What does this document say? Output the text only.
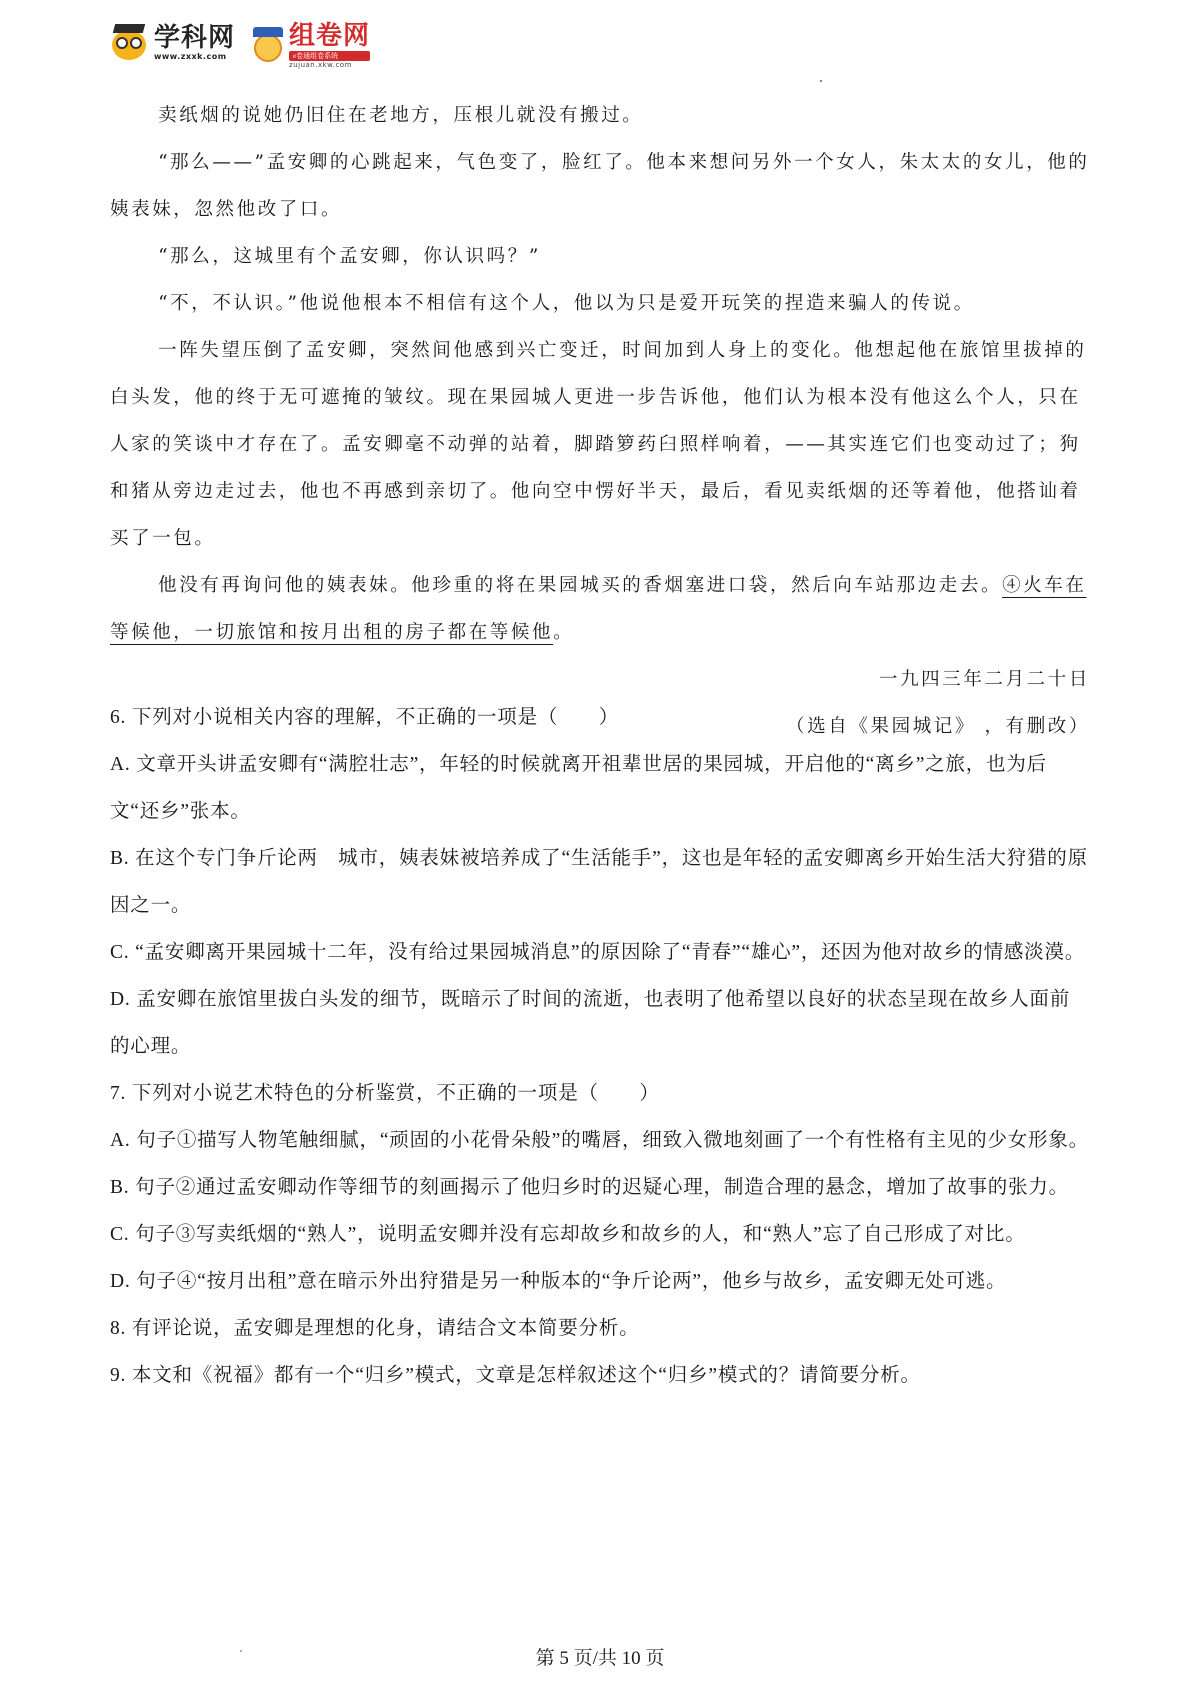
学科网
www.zxxk.com
组卷网
e卷通组卷系统
zujuan.xkw.com

卖纸烟的说她仍旧住在老地方，压根儿就没有搬过。

“那么——”孟安卿的心跳起来，气色变了，脸红了。他本来想问另外一个女人，朱太太的女儿，他的姨表妹，忽然他改了口。

“那么，这城里有个孟安卿，你认识吗？”

“不，不认识。”他说他根本不相信有这个人，他以为只是爱开玩笑的捏造来骗人的传说。

一阵失望压倒了孟安卿，突然间他感到兴亡变迁，时间加到人身上的变化。他想起他在旅馆里拔掉的白头发，他的终于无可遮掩的皱纹。现在果园城人更进一步告诉他，他们认为根本没有他这么个人，只在人家的笑谈中才存在了。孟安卿毫不动弹的站着，脚踏箩药臼照样响着，——其实连它们也变动过了；狗和猪从旁边走过去，他也不再感到亲切了。他向空中愣好半天，最后，看见卖纸烟的还等着他，他搭讪着买了一包。

他没有再询问他的姨表妹。他珍重的将在果园城买的香烟塞进口袋，然后向车站那边走去。④火车在等候他，一切旅馆和按月出租的房子都在等候他。

一九四三年二月二十日

（选自《果园城记》 ，有删改）

6. 下列对小说相关内容的理解，不正确的一项是（　　）

A. 文章开头讲孟安卿有“满腔壮志”，年轻的时候就离开祖辈世居的果园城，开启他的“离乡”之旅，也为后文“还乡”张本。

B. 在这个专门争斤论两　城市，姨表妹被培养成了“生活能手”，这也是年轻的孟安卿离乡开始生活大狩猎的原因之一。

C. “孟安卿离开果园城十二年，没有给过果园城消息”的原因除了“青春”“雄心”，还因为他对故乡的情感淡漠。

D. 孟安卿在旅馆里拔白头发的细节，既暗示了时间的流逝，也表明了他希望以良好的状态呈现在故乡人面前的心理。

7. 下列对小说艺术特色的分析鉴赏，不正确的一项是（　　）

A. 句子①描写人物笔触细腻，“顽固的小花骨朵般”的嘴唇，细致入微地刻画了一个有性格有主见的少女形象。

B. 句子②通过孟安卿动作等细节的刻画揭示了他归乡时的迟疑心理，制造合理的悬念，增加了故事的张力。

C. 句子③写卖纸烟的“熟人”，说明孟安卿并没有忘却故乡和故乡的人，和“熟人”忘了自己形成了对比。

D. 句子④“按月出租”意在暗示外出狩猎是另一种版本的“争斤论两”，他乡与故乡，孟安卿无处可逃。

8. 有评论说，孟安卿是理想的化身，请结合文本简要分析。

9. 本文和《祝福》都有一个“归乡”模式，文章是怎样叙述这个“归乡”模式的？请简要分析。

第 5 页/共 10 页
